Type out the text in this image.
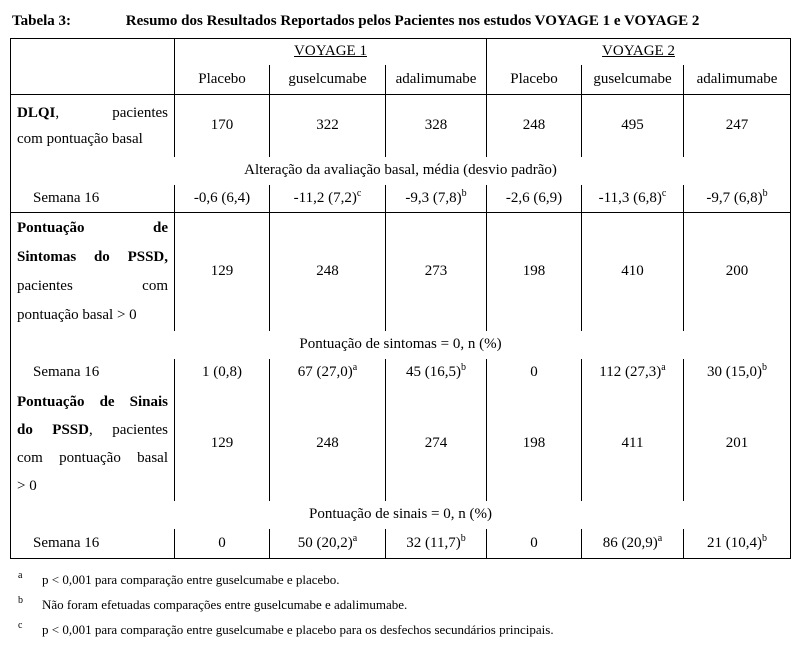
Tabela 3:	Resumo dos Resultados Reportados pelos Pacientes nos estudos VOYAGE 1 e VOYAGE 2
	VOYAGE 1			VOYAGE 2		
	Placebo	guselcumabe	adalimumabe	Placebo	guselcumabe	adalimumabe

DLQI,         pacientes
com pontuação basal	170	322	328	248	495	247
Alteração da avaliação basal, média (desvio padrão)						
Semana 16	-0,6 (6,4)	-11,2 $(7,2)^c$	-9,3 $(7,8)^b$	-2,6 (6,9)	-11,3 $(6,8)^c$	-9,7 $(6,8)^b$

Pontuação de
Sintomas do PSSD,
pacientes com
pontuação basal > 0	129	248	273	198	410	200
Pontuação de sintomas = 0, n (%)						
Semana 16	1 (0,8)	67 $(27,0)^a$	45 $(16,5)^b$	0	112 $(27,3)^a$	30 $(15,0)^b$

Pontuação de Sinais
do PSSD, pacientes
com pontuação basal
> 0	129	248	274	198	411	201
Pontuação de sinais = 0, n (%)						
Semana 16	0	50 $(20,2)^a$	32 $(11,7)^b$	0	86 $(20,9)^a$	21 $(10,4)^b$
a p < 0,001 para comparação entre guselcumabe e placebo.
b Não foram efetuadas comparações entre guselcumabe e adalimumabe.
c p < 0,001 para comparação entre guselcumabe e placebo para os desfechos secundários principais.
